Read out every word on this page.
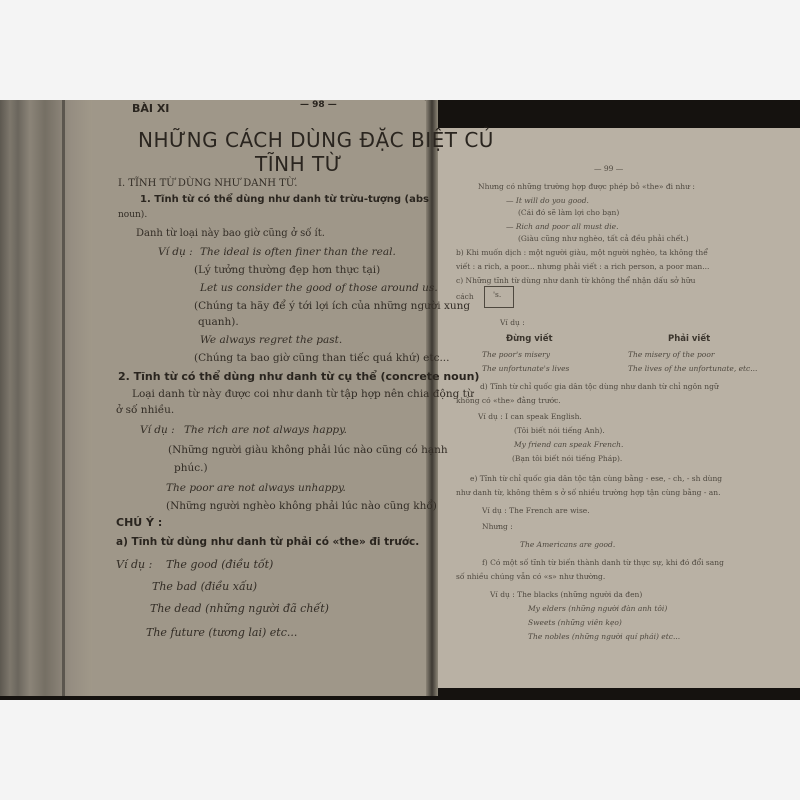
— 98 —
BÀI XI
NHỮNG CÁCH DÙNG ĐẶC BIỆT CỦ
TĨNH TỪ
I. TĨNH TỪ DÙNG NHƯ DANH TỪ.
1. Tĩnh từ có thể dùng như danh từ trừu-tượng (abs
noun).
Danh từ loại này bao giờ cũng ở số ít.
Ví dụ : The ideal is often finer than the real.
(Lý tưởng thường đẹp hơn thực tại)
Let us consider the good of those around us.
(Chúng ta hãy để ý tới lợi ích của những người xung
quanh).
We always regret the past.
(Chúng ta bao giờ cũng than tiếc quá khứ) etc...
2. Tĩnh từ có thể dùng như danh từ cụ thể (concrete noun)
Loại danh từ này được coi như danh từ tập hợp nên chia động từ
ở số nhiều.
Ví dụ : The rich are not always happy.
(Những người giàu không phải lúc nào cũng có hạnh
phúc.)
The poor are not always unhappy.
(Những người nghèo không phải lúc nào cũng khổ)
CHÚ Ý :
a) Tĩnh từ dùng như danh từ phải có «the» đi trước.
Ví dụ : The good (điều tốt)
The bad (điều xấu)
The dead (những người đã chết)
The future (tương lai) etc...
— 99 —
Nhưng có những trường hợp được phép bỏ «the» đi như :
— It will do you good.
(Cái đó sẽ làm lợi cho bạn)
— Rich and poor all must die.
(Giàu cũng như nghèo, tất cả đều phải chết.)
b) Khi muốn dịch : một người giàu, một người nghèo, ta không thể
viết : a rich, a poor... nhưng phải viết : a rich person, a poor man...
c) Những tĩnh từ dùng như danh từ không thể nhận dấu sở hữu
cách	's.
Ví dụ :
Đừng viết	Phải viết
The poor's misery	The misery of the poor
The unfortunate's lives	The lives of the unfortunate, etc...
d) Tĩnh từ chỉ quốc gia dân tộc dùng như danh từ chỉ ngôn ngữ
không có «the» đằng trước.
Ví dụ : I can speak English.
(Tôi biết nói tiếng Anh).
My friend can speak French.
(Bạn tôi biết nói tiếng Pháp).
e) Tĩnh từ chỉ quốc gia dân tộc tận cùng bằng - ese, - ch, - sh dùng
như danh từ, không thêm s ở số nhiều trường hợp tận cùng bằng - an.
Ví dụ : The French are wise.
Nhưng :
The Americans are good.
f) Có một số tĩnh từ biến thành danh từ thực sự, khi đó đổi sang
số nhiều chúng vẫn có «s» như thường.
Ví dụ : The blacks (những người da đen)
My elders (những người đàn anh tôi)
Sweets (những viên kẹo)
The nobles (những người quí phái) etc...
